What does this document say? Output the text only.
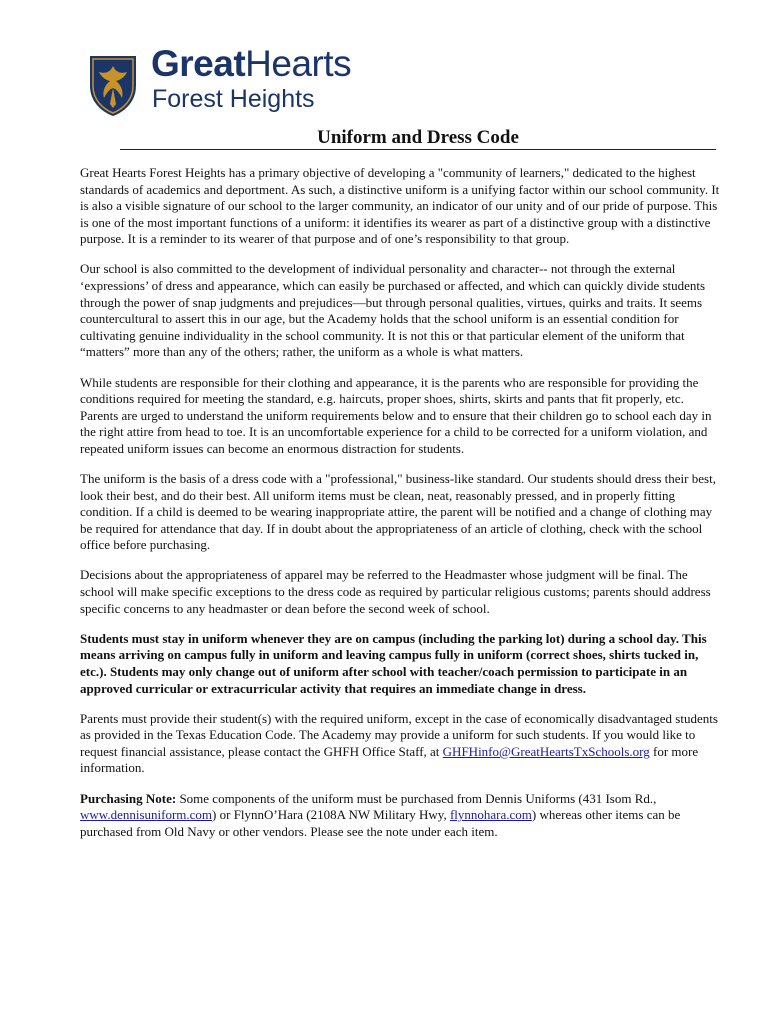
GreatHearts
Forest Heights
Uniform and Dress Code

Great Hearts Forest Heights has a primary objective of developing a "community of learners," dedicated to the highest standards of academics and deportment. As such, a distinctive uniform is a unifying factor within our school community. It is also a visible signature of our school to the larger community, an indicator of our unity and of our pride of purpose. This is one of the most important functions of a uniform: it identifies its wearer as part of a distinctive group with a distinctive purpose. It is a reminder to its wearer of that purpose and of one’s responsibility to that group.

Our school is also committed to the development of individual personality and character-- not through the external ‘expressions’ of dress and appearance, which can easily be purchased or affected, and which can quickly divide students through the power of snap judgments and prejudices—but through personal qualities, virtues, quirks and traits. It seems countercultural to assert this in our age, but the Academy holds that the school uniform is an essential condition for cultivating genuine individuality in the school community. It is not this or that particular element of the uniform that “matters” more than any of the others; rather, the uniform as a whole is what matters.

While students are responsible for their clothing and appearance, it is the parents who are responsible for providing the conditions required for meeting the standard, e.g. haircuts, proper shoes, shirts, skirts and pants that fit properly, etc. Parents are urged to understand the uniform requirements below and to ensure that their children go to school each day in the right attire from head to toe. It is an uncomfortable experience for a child to be corrected for a uniform violation, and repeated uniform issues can become an enormous distraction for students.

The uniform is the basis of a dress code with a "professional," business-like standard. Our students should dress their best, look their best, and do their best. All uniform items must be clean, neat, reasonably pressed, and in properly fitting condition. If a child is deemed to be wearing inappropriate attire, the parent will be notified and a change of clothing may be required for attendance that day. If in doubt about the appropriateness of an article of clothing, check with the school office before purchasing.

Decisions about the appropriateness of apparel may be referred to the Headmaster whose judgment will be final. The school will make specific exceptions to the dress code as required by particular religious customs; parents should address specific concerns to any headmaster or dean before the second week of school.

Students must stay in uniform whenever they are on campus (including the parking lot) during a school day. This means arriving on campus fully in uniform and leaving campus fully in uniform (correct shoes, shirts tucked in, etc.). Students may only change out of uniform after school with teacher/coach permission to participate in an approved curricular or extracurricular activity that requires an immediate change in dress.

Parents must provide their student(s) with the required uniform, except in the case of economically disadvantaged students as provided in the Texas Education Code. The Academy may provide a uniform for such students. If you would like to request financial assistance, please contact the GHFH Office Staff, at GHFHinfo@GreatHeartsTxSchools.org for more information.

Purchasing Note: Some components of the uniform must be purchased from Dennis Uniforms (431 Isom Rd., www.dennisuniform.com) or FlynnO’Hara (2108A NW Military Hwy, flynnohara.com) whereas other items can be purchased from Old Navy or other vendors. Please see the note under each item.
